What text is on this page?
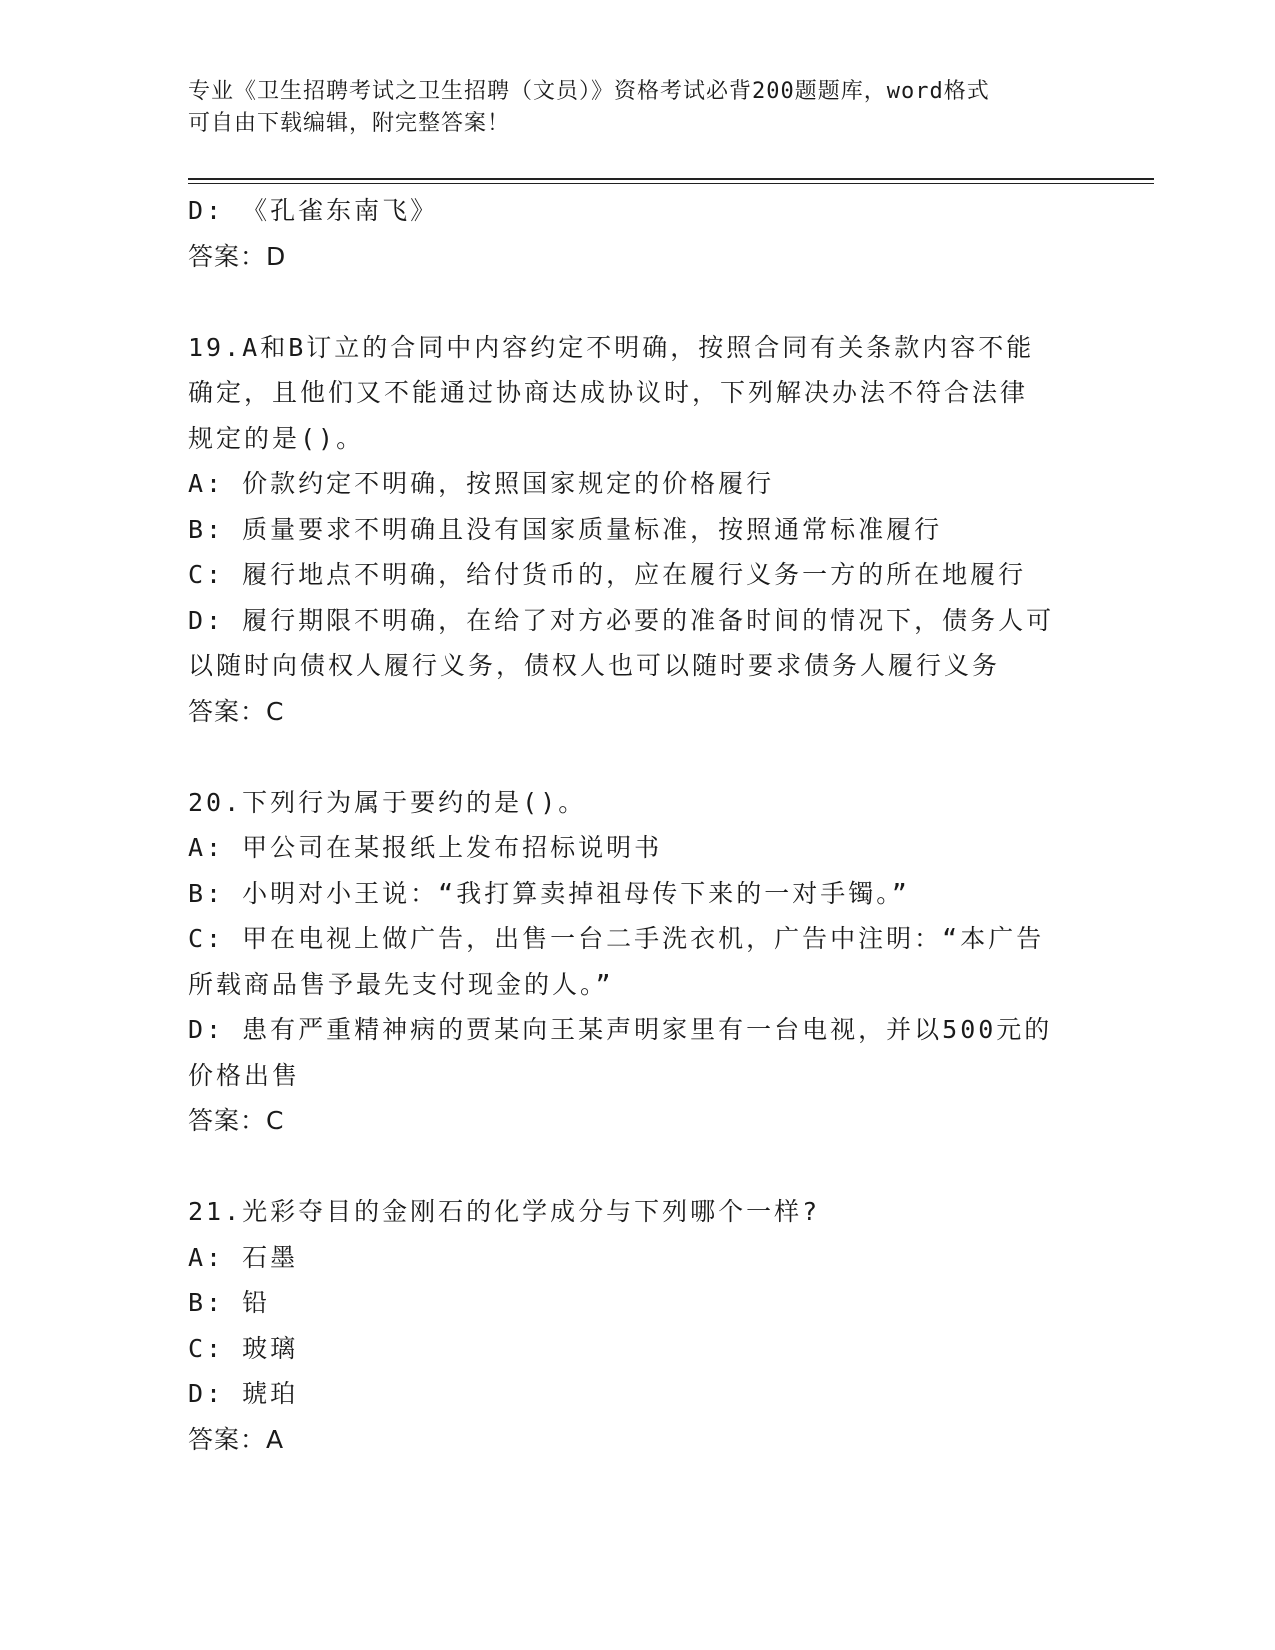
专业《卫生招聘考试之卫生招聘（文员）》资格考试必背200题题库，word格式
可自由下载编辑，附完整答案！
D: 《孔雀东南飞》
答案：D
19.A和B订立的合同中内容约定不明确，按照合同有关条款内容不能
确定，且他们又不能通过协商达成协议时，下列解决办法不符合法律
规定的是()。
A: 价款约定不明确，按照国家规定的价格履行
B: 质量要求不明确且没有国家质量标准，按照通常标准履行
C: 履行地点不明确，给付货币的，应在履行义务一方的所在地履行
D: 履行期限不明确，在给了对方必要的准备时间的情况下，债务人可
以随时向债权人履行义务，债权人也可以随时要求债务人履行义务
答案：C
20.下列行为属于要约的是()。
A: 甲公司在某报纸上发布招标说明书
B: 小明对小王说：“我打算卖掉祖母传下来的一对手镯。”
C: 甲在电视上做广告，出售一台二手洗衣机，广告中注明：“本广告
所载商品售予最先支付现金的人。”
D: 患有严重精神病的贾某向王某声明家里有一台电视，并以500元的
价格出售
答案：C
21.光彩夺目的金刚石的化学成分与下列哪个一样?
A: 石墨
B: 铅
C: 玻璃
D: 琥珀
答案：A
